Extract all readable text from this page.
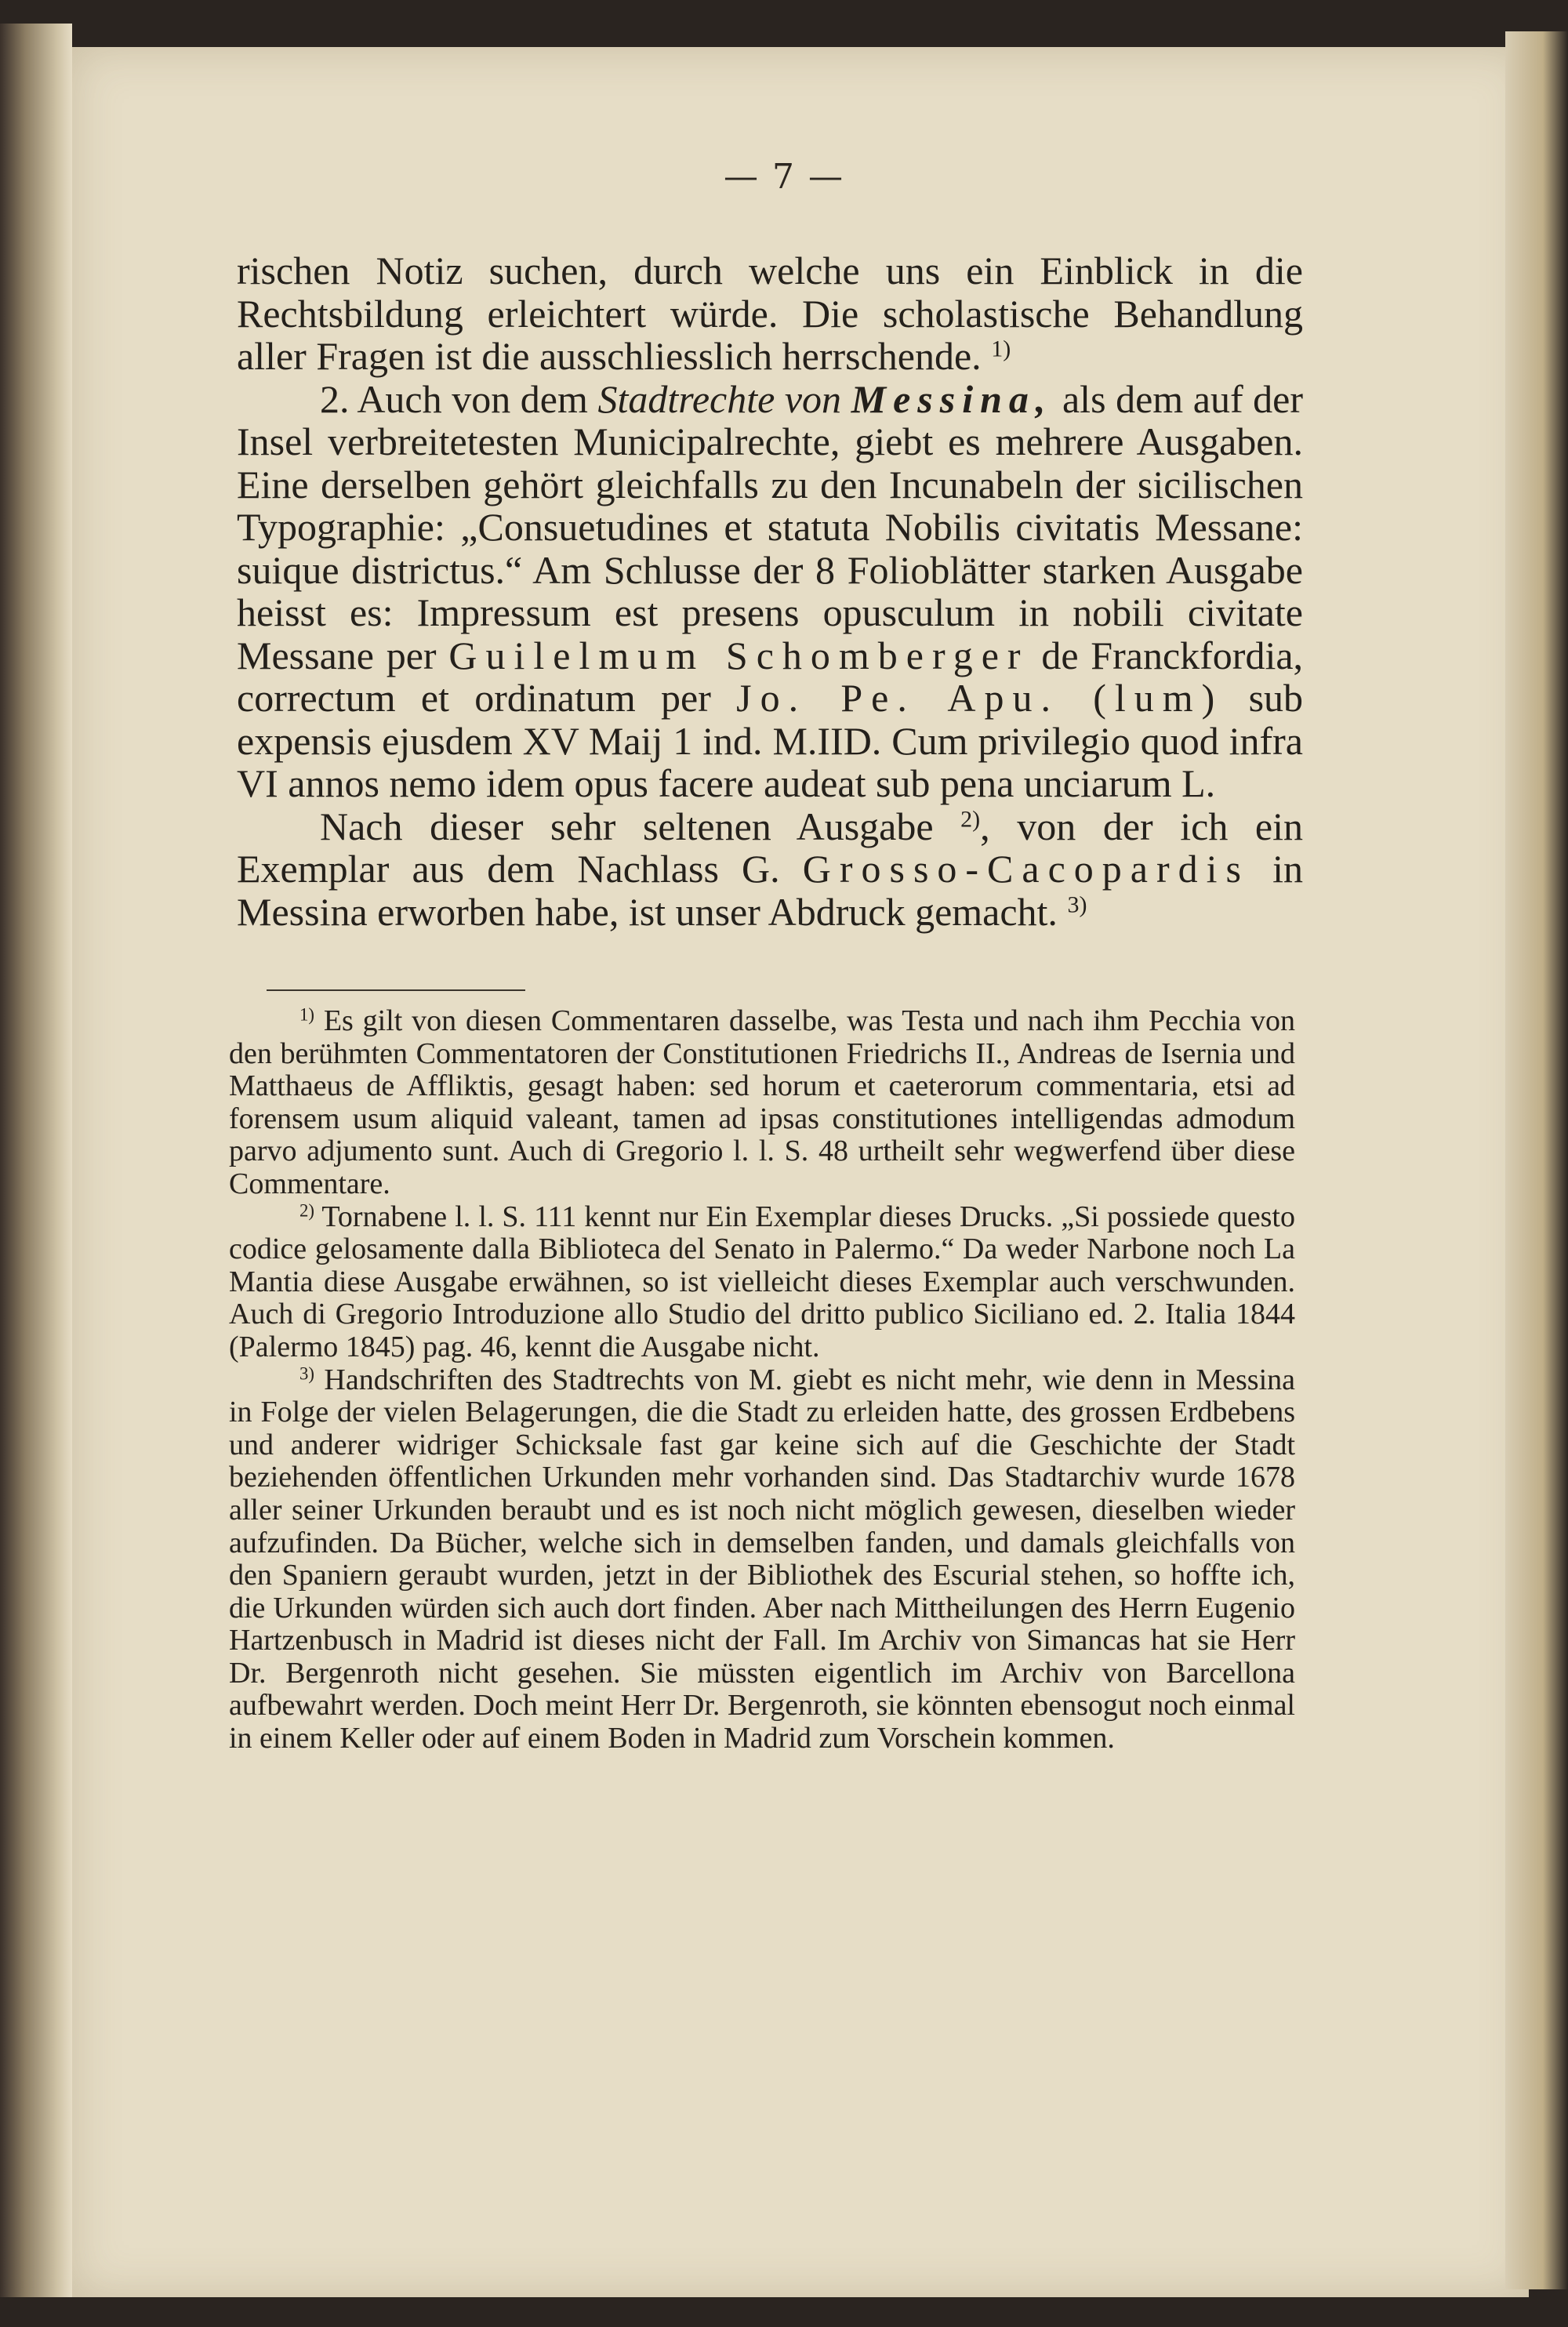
— 7 —

rischen Notiz suchen, durch welche uns ein Einblick in die Rechtsbildung erleichtert würde. Die scholastische Behandlung aller Fragen ist die ausschliesslich herrschende. $^{1)}$

2. Auch von dem Stadtrechte von Messina, als dem auf der Insel verbreitetesten Municipalrechte, giebt es mehrere Ausgaben. Eine derselben gehört gleichfalls zu den Incunabeln der sicilischen Typographie: „Consuetudines et statuta Nobilis civitatis Messane: suique districtus.“ Am Schlusse der 8 Folioblätter starken Ausgabe heisst es: Impressum est presens opusculum in nobili civitate Messane per Guilelmum Schomberger de Franckfordia, correctum et ordinatum per Jo. Pe. Apu. (lum) sub expensis ejusdem XV Maij 1 ind. M.IID. Cum privilegio quod infra VI annos nemo idem opus facere audeat sub pena unciarum L.

Nach dieser sehr seltenen Ausgabe $^{2)}$, von der ich ein Exemplar aus dem Nachlass G. Grosso-Cacopardis in Messina erworben habe, ist unser Abdruck gemacht. $^{3)}$

$^{1)}$ Es gilt von diesen Commentaren dasselbe, was Testa und nach ihm Pecchia von den berühmten Commentatoren der Constitutionen Friedrichs II., Andreas de Isernia und Matthaeus de Affliktis, gesagt haben: sed horum et caeterorum commentaria, etsi ad forensem usum aliquid valeant, tamen ad ipsas constitutiones intelligendas admodum parvo adjumento sunt. Auch di Gregorio l. l. S. 48 urtheilt sehr wegwerfend über diese Commentare.

$^{2)}$ Tornabene l. l. S. 111 kennt nur Ein Exemplar dieses Drucks. „Si possiede questo codice gelosamente dalla Biblioteca del Senato in Palermo.“ Da weder Narbone noch La Mantia diese Ausgabe erwähnen, so ist vielleicht dieses Exemplar auch verschwunden. Auch di Gregorio Introduzione allo Studio del dritto publico Siciliano ed. 2. Italia 1844 (Palermo 1845) pag. 46, kennt die Ausgabe nicht.

$^{3)}$ Handschriften des Stadtrechts von M. giebt es nicht mehr, wie denn in Messina in Folge der vielen Belagerungen, die die Stadt zu erleiden hatte, des grossen Erdbebens und anderer widriger Schicksale fast gar keine sich auf die Geschichte der Stadt beziehenden öffentlichen Urkunden mehr vorhanden sind. Das Stadtarchiv wurde 1678 aller seiner Urkunden beraubt und es ist noch nicht möglich gewesen, dieselben wieder aufzufinden. Da Bücher, welche sich in demselben fanden, und damals gleichfalls von den Spaniern geraubt wurden, jetzt in der Bibliothek des Escurial stehen, so hoffte ich, die Urkunden würden sich auch dort finden. Aber nach Mittheilungen des Herrn Eugenio Hartzenbusch in Madrid ist dieses nicht der Fall. Im Archiv von Simancas hat sie Herr Dr. Bergenroth nicht gesehen. Sie müssten eigentlich im Archiv von Barcellona aufbewahrt werden. Doch meint Herr Dr. Bergenroth, sie könnten ebensogut noch einmal in einem Keller oder auf einem Boden in Madrid zum Vorschein kommen.
